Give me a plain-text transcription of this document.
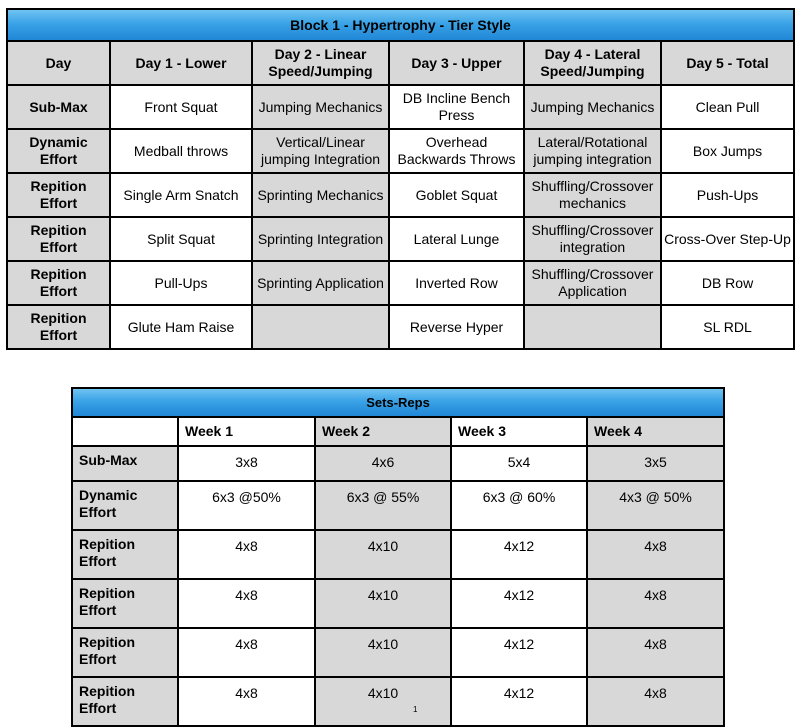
Block 1 - Hypertrophy - Tier Style					
Day	Day 1 - Lower	Day 2 - Linear Speed/Jumping	Day 3 - Upper	Day 4 - Lateral Speed/Jumping	Day 5 - Total
Sub-Max	Front Squat	Jumping Mechanics	DB Incline Bench Press	Jumping Mechanics	Clean Pull
Dynamic Effort	Medball throws	Vertical/Linear jumping Integration	Overhead Backwards Throws	Lateral/Rotational jumping integration	Box Jumps
Repition Effort	Single Arm Snatch	Sprinting Mechanics	Goblet Squat	Shuffling/Crossover mechanics	Push-Ups
Repition Effort	Split Squat	Sprinting Integration	Lateral Lunge	Shuffling/Crossover integration	Cross-Over Step-Up
Repition Effort	Pull-Ups	Sprinting Application	Inverted Row	Shuffling/Crossover Application	DB Row
Repition Effort	Glute Ham Raise		Reverse Hyper		SL RDL
Sets-Reps				
	Week 1	Week 2	Week 3	Week 4
Sub-Max	3x8	4x6	5x4	3x5
Dynamic Effort	6x3 @50%	6x3 @ 55%	6x3 @ 60%	4x3 @ 50%
Repition Effort	4x8	4x10	4x12	4x8
Repition Effort	4x8	4x10	4x12	4x8
Repition Effort	4x8	4x10	4x12	4x8
Repition Effort	4x8	4x10	4x12	4x8
1
